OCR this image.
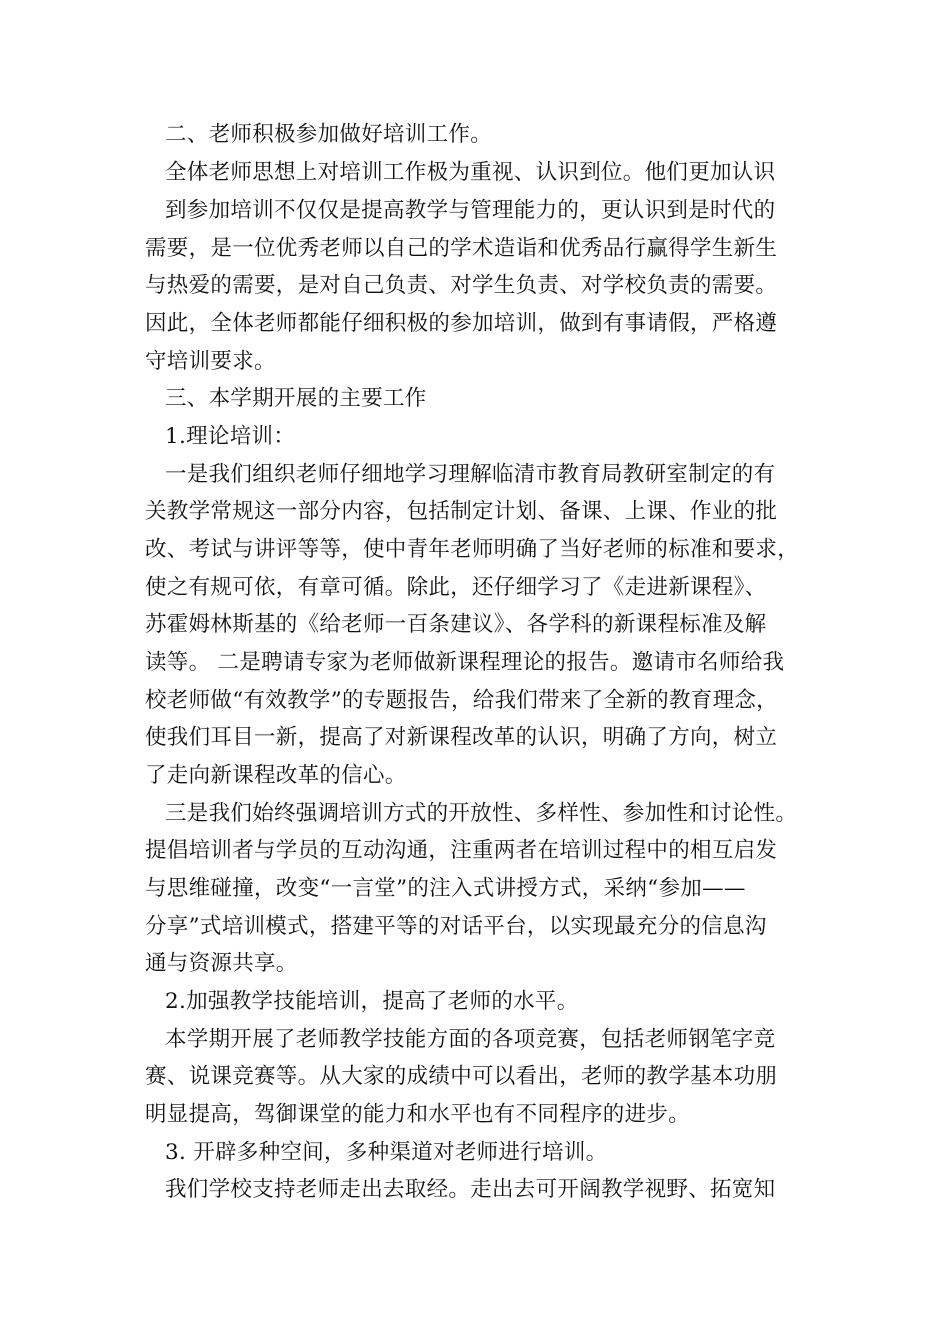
二、老师积极参加做好培训工作。
全体老师思想上对培训工作极为重视、认识到位。他们更加认识
到参加培训不仅仅是提高教学与管理能力的，更认识到是时代的
需要，是一位优秀老师以自己的学术造诣和优秀品行赢得学生新生
与热爱的需要，是对自己负责、对学生负责、对学校负责的需要。
因此，全体老师都能仔细积极的参加培训，做到有事请假，严格遵
守培训要求。
三、本学期开展的主要工作
1.理论培训：
一是我们组织老师仔细地学习理解临清市教育局教研室制定的有
关教学常规这一部分内容，包括制定计划、备课、上课、作业的批
改、考试与讲评等等，使中青年老师明确了当好老师的标准和要求，
使之有规可依，有章可循。除此，还仔细学习了《走进新课程》、
苏霍姆林斯基的《给老师一百条建议》、各学科的新课程标准及解
读等。 二是聘请专家为老师做新课程理论的报告。邀请市名师给我
校老师做“有效教学”的专题报告，给我们带来了全新的教育理念，
使我们耳目一新，提高了对新课程改革的认识，明确了方向，树立
了走向新课程改革的信心。
三是我们始终强调培训方式的开放性、多样性、参加性和讨论性。
提倡培训者与学员的互动沟通，注重两者在培训过程中的相互启发
与思维碰撞，改变“一言堂”的注入式讲授方式，采纳“参加——
分享”式培训模式，搭建平等的对话平台，以实现最充分的信息沟
通与资源共享。
2.加强教学技能培训，提高了老师的水平。
本学期开展了老师教学技能方面的各项竞赛，包括老师钢笔字竞
赛、说课竞赛等。从大家的成绩中可以看出，老师的教学基本功朋
明显提高，驾御课堂的能力和水平也有不同程序的进步。
3. 开辟多种空间，多种渠道对老师进行培训。
我们学校支持老师走出去取经。走出去可开阔教学视野、拓宽知
